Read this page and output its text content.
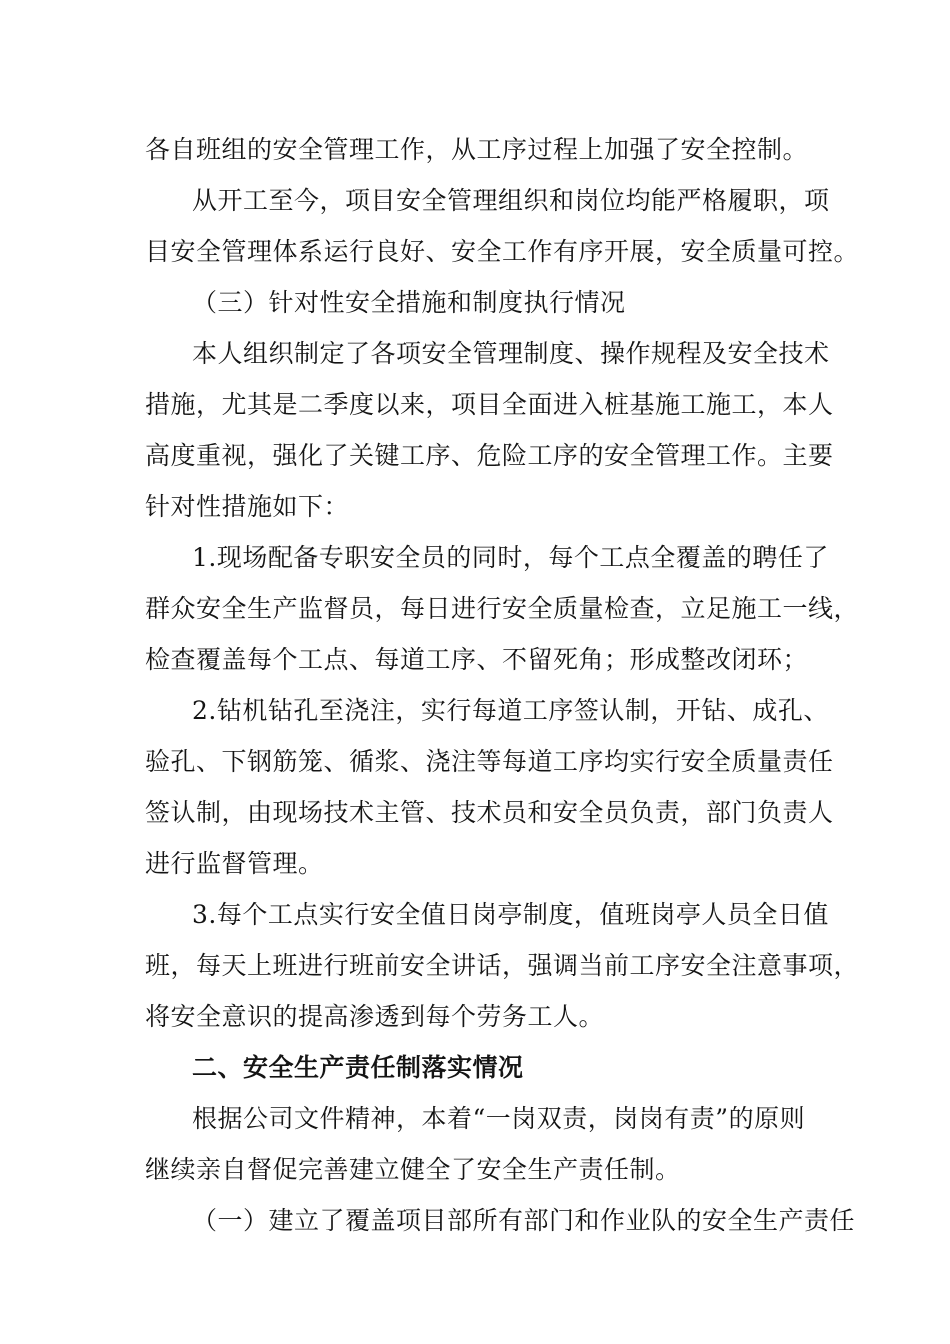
各自班组的安全管理工作，从工序过程上加强了安全控制。

从开工至今，项目安全管理组织和岗位均能严格履职，项

目安全管理体系运行良好、安全工作有序开展，安全质量可控。

（三）针对性安全措施和制度执行情况

本人组织制定了各项安全管理制度、操作规程及安全技术

措施，尤其是二季度以来，项目全面进入桩基施工施工，本人

高度重视，强化了关键工序、危险工序的安全管理工作。主要

针对性措施如下：

1.现场配备专职安全员的同时，每个工点全覆盖的聘任了

群众安全生产监督员，每日进行安全质量检查，立足施工一线，

检查覆盖每个工点、每道工序、不留死角；形成整改闭环；

2.钻机钻孔至浇注，实行每道工序签认制，开钻、成孔、

验孔、下钢筋笼、循浆、浇注等每道工序均实行安全质量责任

签认制，由现场技术主管、技术员和安全员负责，部门负责人

进行监督管理。

3.每个工点实行安全值日岗亭制度，值班岗亭人员全日值

班，每天上班进行班前安全讲话，强调当前工序安全注意事项，

将安全意识的提高渗透到每个劳务工人。

二、安全生产责任制落实情况

根据公司文件精神，本着“一岗双责，岗岗有责”的原则

继续亲自督促完善建立健全了安全生产责任制。

（一）建立了覆盖项目部所有部门和作业队的安全生产责任
